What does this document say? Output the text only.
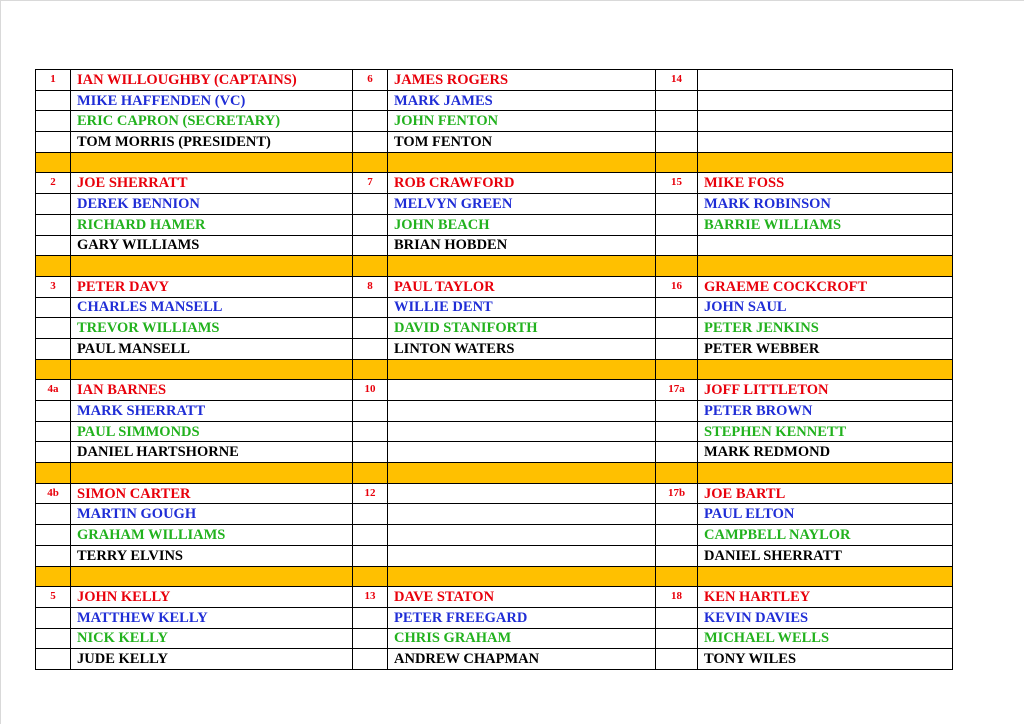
1	IAN WILLOUGHBY (CAPTAINS)	6	JAMES ROGERS	14	
	MIKE HAFFENDEN (VC)		MARK JAMES		
	ERIC CAPRON (SECRETARY)		JOHN FENTON		
	TOM MORRIS (PRESIDENT)		TOM FENTON		

2	JOE SHERRATT	7	ROB CRAWFORD	15	MIKE FOSS
	DEREK BENNION		MELVYN GREEN		MARK ROBINSON
	RICHARD HAMER		JOHN BEACH		BARRIE WILLIAMS
	GARY WILLIAMS		BRIAN HOBDEN		

3	PETER DAVY	8	PAUL TAYLOR	16	GRAEME COCKCROFT
	CHARLES MANSELL		WILLIE DENT		JOHN SAUL
	TREVOR WILLIAMS		DAVID STANIFORTH		PETER JENKINS
	PAUL MANSELL		LINTON WATERS		PETER WEBBER

4a	IAN BARNES	10		17a	JOFF LITTLETON
	MARK SHERRATT				PETER BROWN
	PAUL SIMMONDS				STEPHEN KENNETT
	DANIEL HARTSHORNE				MARK REDMOND

4b	SIMON CARTER	12		17b	JOE BARTL
	MARTIN GOUGH				PAUL ELTON
	GRAHAM WILLIAMS				CAMPBELL NAYLOR
	TERRY ELVINS				DANIEL SHERRATT

5	JOHN KELLY	13	DAVE STATON	18	KEN HARTLEY
	MATTHEW KELLY		PETER FREEGARD		KEVIN DAVIES
	NICK KELLY		CHRIS GRAHAM		MICHAEL WELLS
	JUDE KELLY		ANDREW CHAPMAN		TONY WILES
